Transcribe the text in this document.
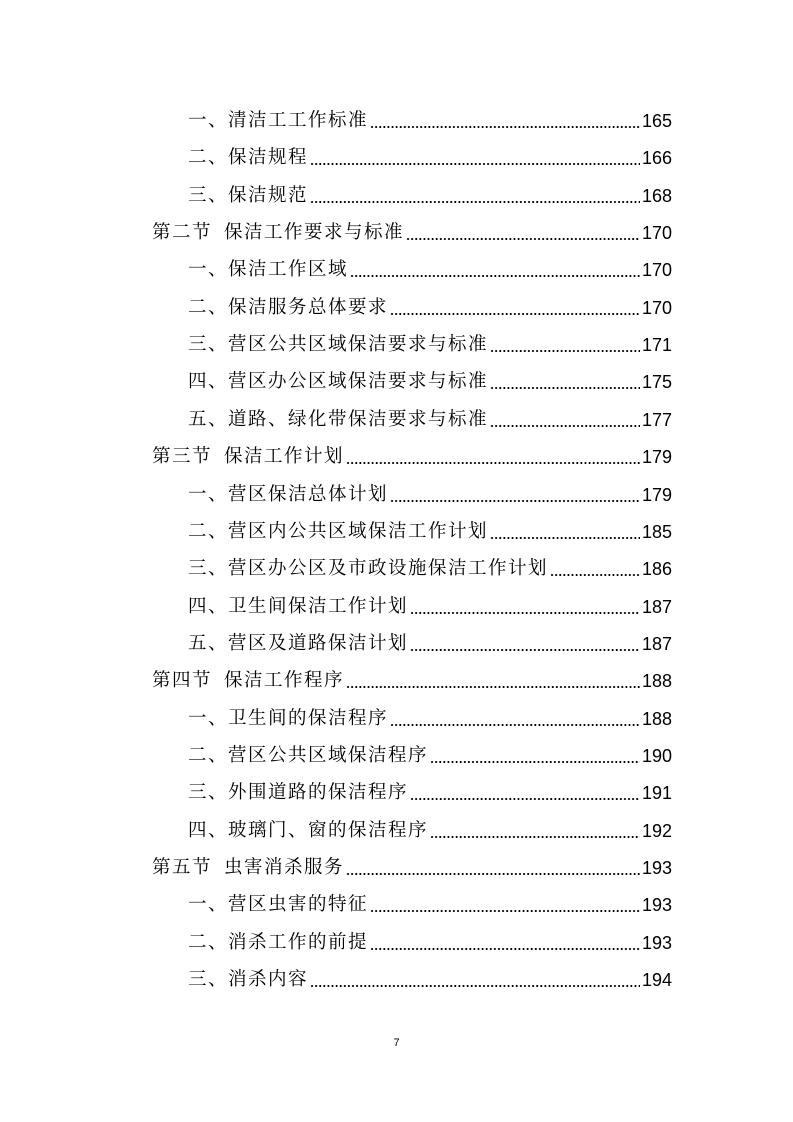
一、清洁工工作标准	165
二、保洁规程	166
三、保洁规范	168
第二节 保洁工作要求与标准	170
一、保洁工作区域	170
二、保洁服务总体要求	170
三、营区公共区域保洁要求与标准	171
四、营区办公区域保洁要求与标准	175
五、道路、绿化带保洁要求与标准	177
第三节 保洁工作计划	179
一、营区保洁总体计划	179
二、营区内公共区域保洁工作计划	185
三、营区办公区及市政设施保洁工作计划	186
四、卫生间保洁工作计划	187
五、营区及道路保洁计划	187
第四节 保洁工作程序	188
一、卫生间的保洁程序	188
二、营区公共区域保洁程序	190
三、外围道路的保洁程序	191
四、玻璃门、窗的保洁程序	192
第五节 虫害消杀服务	193
一、营区虫害的特征	193
二、消杀工作的前提	193
三、消杀内容	194
7
